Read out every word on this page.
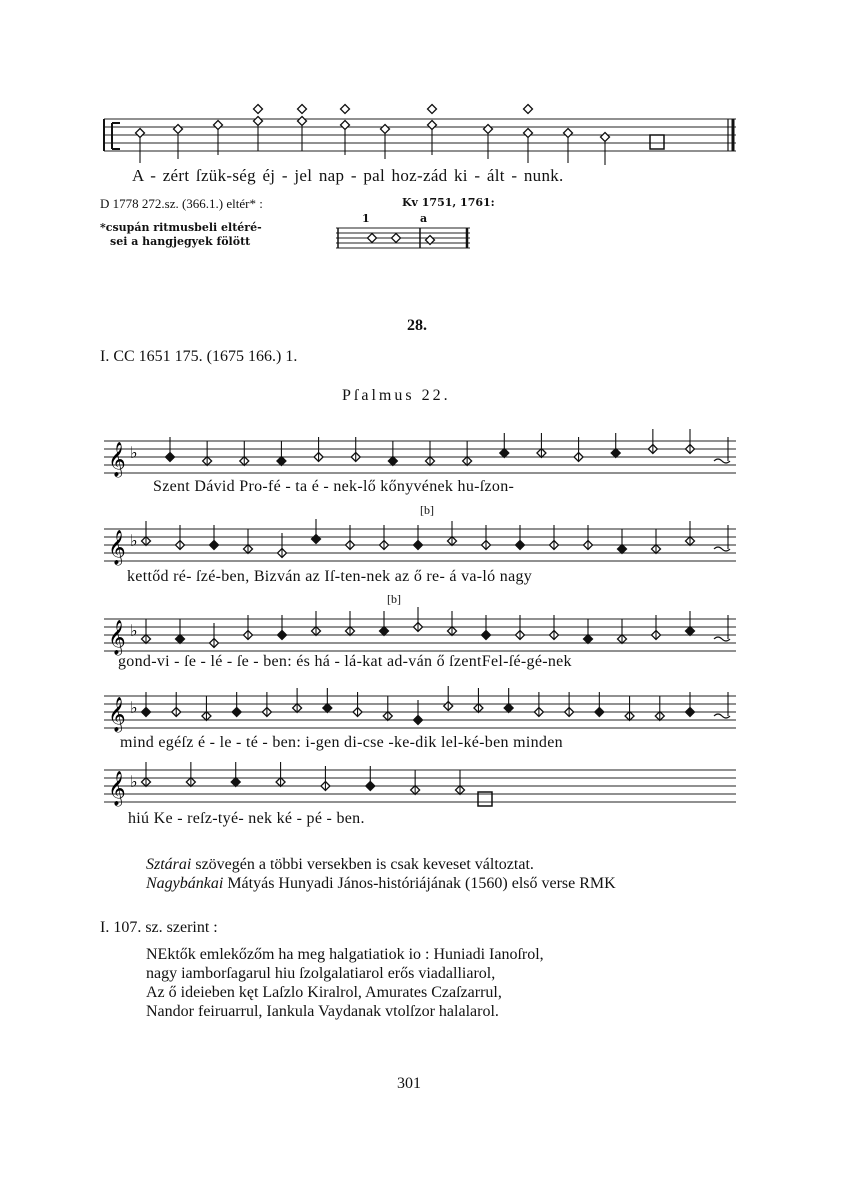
A - zért ſzük-ség éj - jel nap - pal hoz-zád ki - ált - nunk.
D 1778 272.sz. (366.1.) eltér* :	Kv 1751, 1761:
*csupán ritmusbeli eltéré-
sei a hangjegyek fölött
1	a
28.
I. CC 1651 175. (1675 166.) 1.
Pſalmus 22.
𝄞 ♭
Szent Dávid Pro-fé - ta é - nek-lő kőnyvének hu-ſzon-
[b]
𝄞 ♭
kettőd ré- ſzé-ben, Bizván az Iſ-ten-nek az ő re- á va-ló nagy
[b]
𝄞 ♭
gond-vi - ſe - lé - ſe - ben: és há - lá-kat ad-ván ő ſzentFel-ſé-gé-nek
𝄞 ♭
mind egéſz é - le - té - ben: i-gen di-cse -ke-dik lel-ké-ben minden
𝄞 ♭
hiú Ke - reſz-tyé- nek ké - pé - ben.
Sztárai szövegén a többi versekben is csak keveset változtat.
Nagybánkai Mátyás Hunyadi János-históriájának (1560) első verse RMK
I. 107. sz. szerint :
NEktők emlekőzőm ha meg halgatiatiok io : Huniadi Ianoſrol,
nagy iamborſagarul hiu ſzolgalatiarol erős viadalliarol,
Az ő ideieben kęt Laſzlo Kiralrol, Amurates Czaſzarrul,
Nandor feiruarrul, Iankula Vaydanak vtolſzor halalarol.
301
